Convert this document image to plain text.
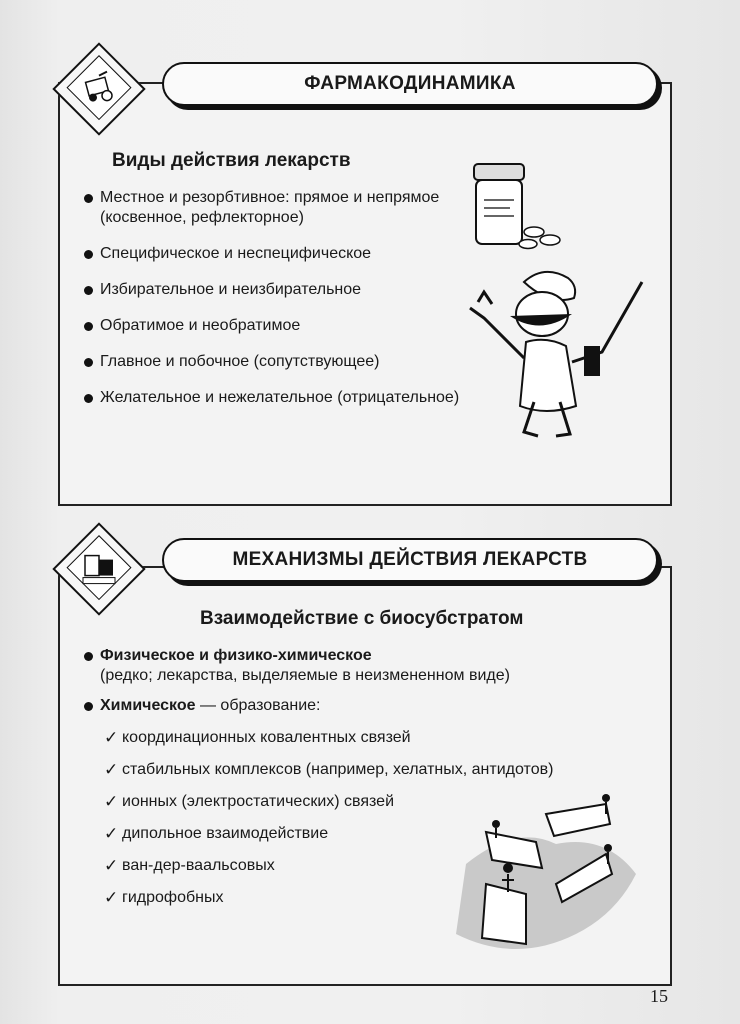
ФАРМАКОДИНАМИКА
Виды действия лекарств
Местное и резорбтивное: прямое и непрямое (косвенное, рефлекторное)
Специфическое и неспецифическое
Избирательное и неизбирательное
Обратимое и необратимое
Главное и побочное (сопутствующее)
Желательное и нежелательное (отрицательное)
МЕХАНИЗМЫ ДЕЙСТВИЯ ЛЕКАРСТВ
Взаимодействие с биосубстратом
Физическое и физико-химическое
(редко; лекарства, выделяемые в неизмененном виде)
Химическое — образование:
✓ координационных ковалентных связей
✓ стабильных комплексов (например, хелатных, антидотов)
✓ ионных (электростатических) связей
✓ дипольное взаимодействие
✓ ван-дер-ваальсовых
✓ гидрофобных
15
